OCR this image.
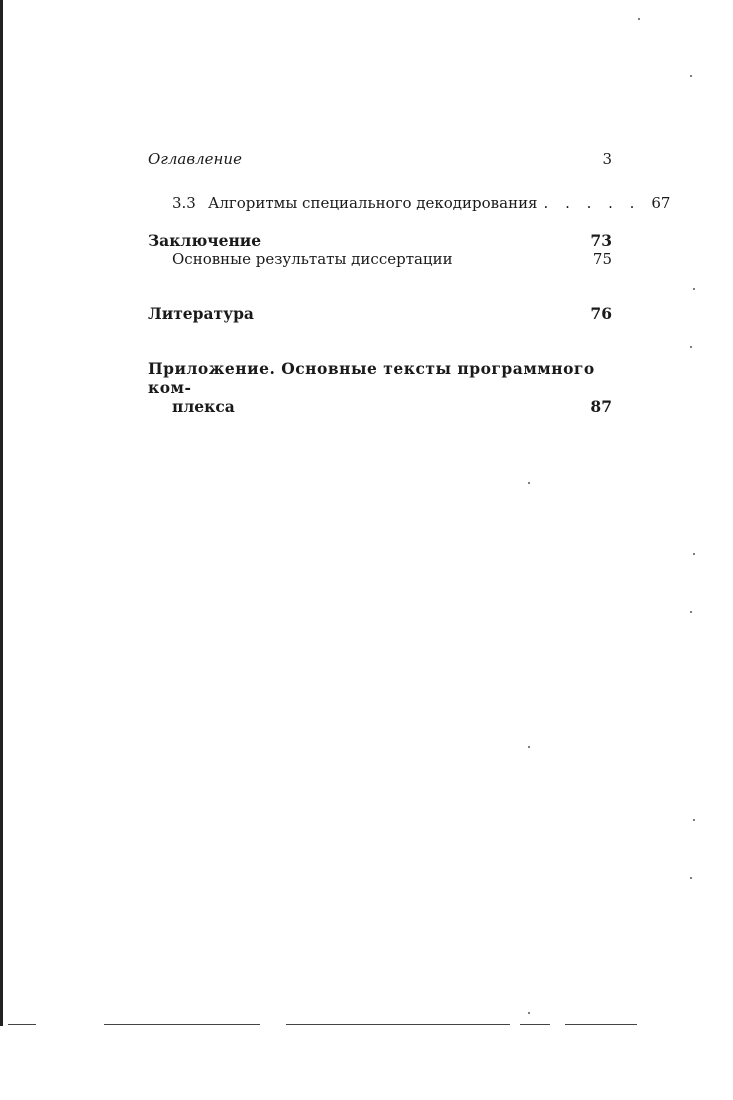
Оглавление	3
3.3 Алгоритмы специального декодирования . . . . . 67
Заключение	73
Основные результаты диссертации	75
Литература	76
Приложение. Основные тексты программного ком-
плекса	87
